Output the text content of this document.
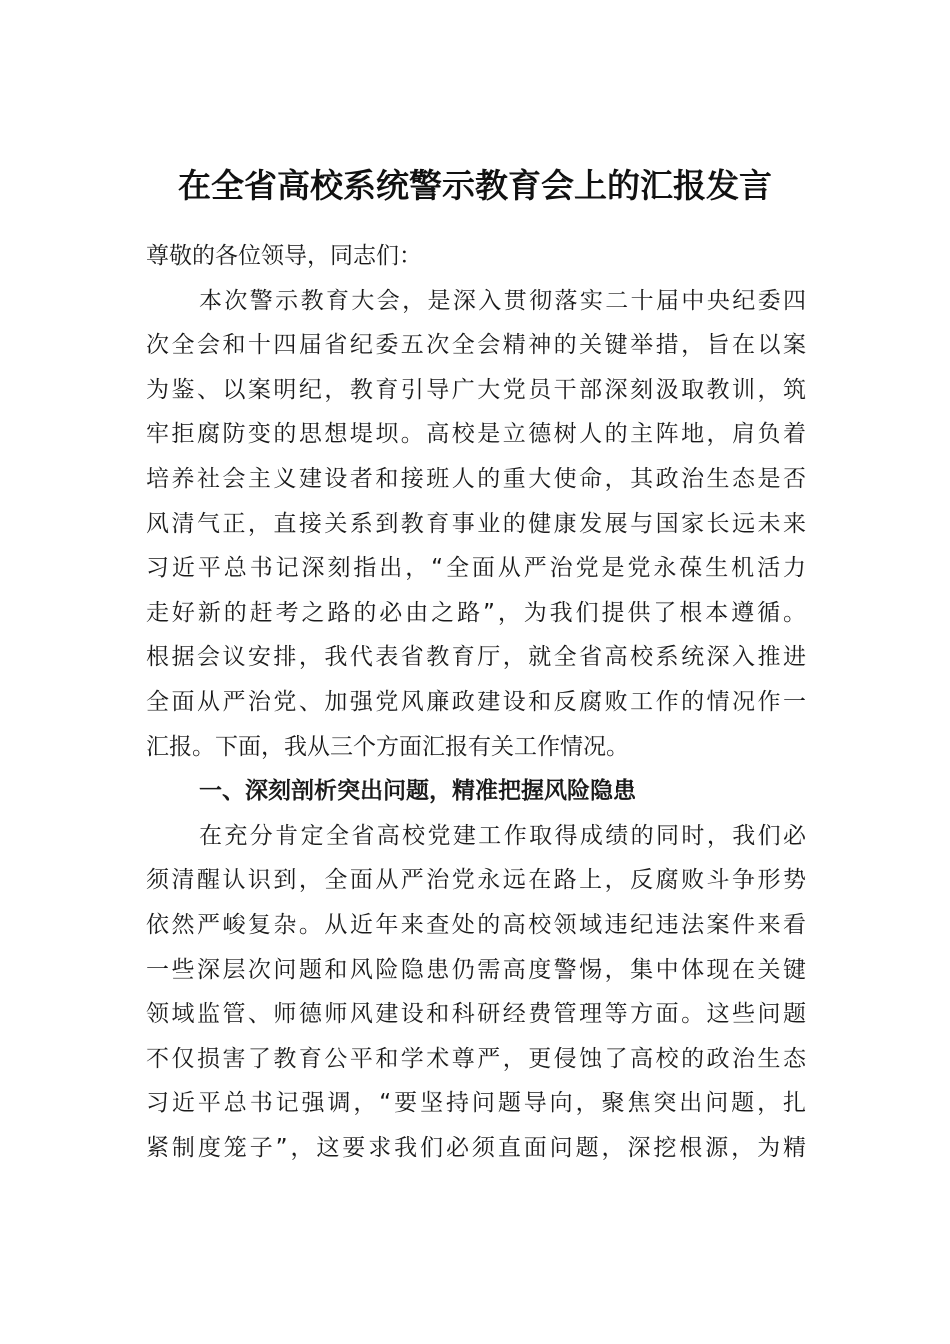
在全省高校系统警示教育会上的汇报发言
尊敬的各位领导，同志们：
本次警示教育大会，是深入贯彻落实二十届中央纪委四
次全会和十四届省纪委五次全会精神的关键举措，旨在以案
为鉴、以案明纪，教育引导广大党员干部深刻汲取教训，筑
牢拒腐防变的思想堤坝。高校是立德树人的主阵地，肩负着
培养社会主义建设者和接班人的重大使命，其政治生态是否
风清气正，直接关系到教育事业的健康发展与国家长远未来
习近平总书记深刻指出，“全面从严治党是党永葆生机活力
走好新的赶考之路的必由之路”，为我们提供了根本遵循。
根据会议安排，我代表省教育厅，就全省高校系统深入推进
全面从严治党、加强党风廉政建设和反腐败工作的情况作一
汇报。下面，我从三个方面汇报有关工作情况。
一、深刻剖析突出问题，精准把握风险隐患
在充分肯定全省高校党建工作取得成绩的同时，我们必
须清醒认识到，全面从严治党永远在路上，反腐败斗争形势
依然严峻复杂。从近年来查处的高校领域违纪违法案件来看
一些深层次问题和风险隐患仍需高度警惕，集中体现在关键
领域监管、师德师风建设和科研经费管理等方面。这些问题
不仅损害了教育公平和学术尊严，更侵蚀了高校的政治生态
习近平总书记强调，“要坚持问题导向，聚焦突出问题，扎
紧制度笼子”，这要求我们必须直面问题，深挖根源，为精
